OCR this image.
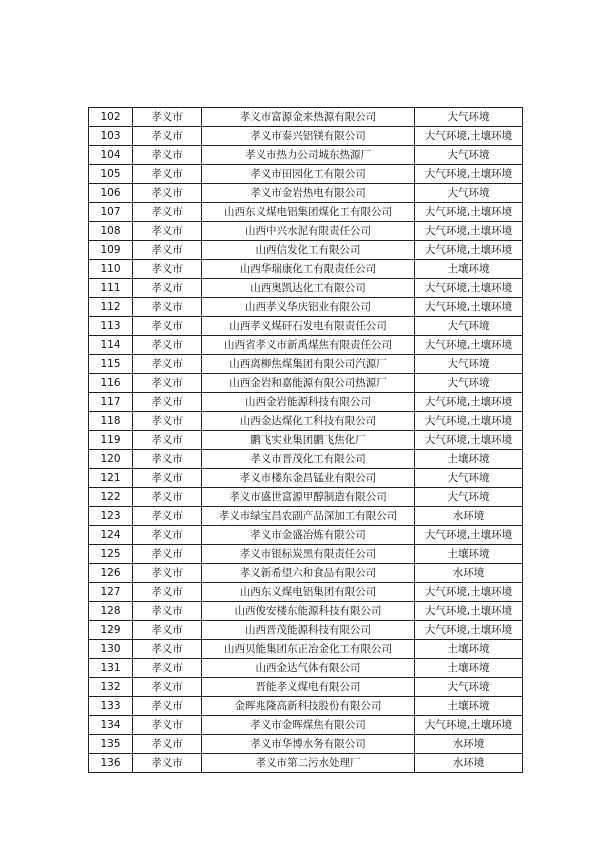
102	孝义市	孝义市富源金来热源有限公司	大气环境
103	孝义市	孝义市泰兴铝镁有限公司	大气环境,土壤环境
104	孝义市	孝义市热力公司城东热源厂	大气环境
105	孝义市	孝义市田园化工有限公司	大气环境,土壤环境
106	孝义市	孝义市金岩热电有限公司	大气环境
107	孝义市	山西东义煤电铝集团煤化工有限公司	大气环境,土壤环境
108	孝义市	山西中兴水泥有限责任公司	大气环境,土壤环境
109	孝义市	山西信发化工有限公司	大气环境,土壤环境
110	孝义市	山西华瑞康化工有限责任公司	土壤环境
111	孝义市	山西奥凯达化工有限公司	大气环境,土壤环境
112	孝义市	山西孝义华庆铝业有限公司	大气环境,土壤环境
113	孝义市	山西孝义煤矸石发电有限责任公司	大气环境
114	孝义市	山西省孝义市新禹煤焦有限责任公司	大气环境,土壤环境
115	孝义市	山西离柳焦煤集团有限公司汽源厂	大气环境
116	孝义市	山西金岩和嘉能源有限公司热源厂	大气环境
117	孝义市	山西金岩能源科技有限公司	大气环境,土壤环境
118	孝义市	山西金达煤化工科技有限公司	大气环境,土壤环境
119	孝义市	鹏飞实业集团鹏飞焦化厂	大气环境,土壤环境
120	孝义市	孝义市晋茂化工有限公司	土壤环境
121	孝义市	孝义市楼东金昌锰业有限公司	大气环境
122	孝义市	孝义市盛世富源甲醇制造有限公司	大气环境
123	孝义市	孝义市绿宝昌农副产品深加工有限公司	水环境
124	孝义市	孝义市金盛冶炼有限公司	大气环境,土壤环境
125	孝义市	孝义市银标炭黑有限责任公司	土壤环境
126	孝义市	孝义新希望六和食品有限公司	水环境
127	孝义市	山西东义煤电铝集团有限公司	大气环境,土壤环境
128	孝义市	山西俊安楼东能源科技有限公司	大气环境,土壤环境
129	孝义市	山西晋茂能源科技有限公司	大气环境,土壤环境
130	孝义市	山西贝能集团东正冶金化工有限公司	土壤环境
131	孝义市	山西金达气体有限公司	土壤环境
132	孝义市	晋能孝义煤电有限公司	大气环境
133	孝义市	金晖兆隆高新科技股份有限公司	土壤环境
134	孝义市	孝义市金晖煤焦有限公司	大气环境,土壤环境
135	孝义市	孝义市华博水务有限公司	水环境
136	孝义市	孝义市第二污水处理厂	水环境
